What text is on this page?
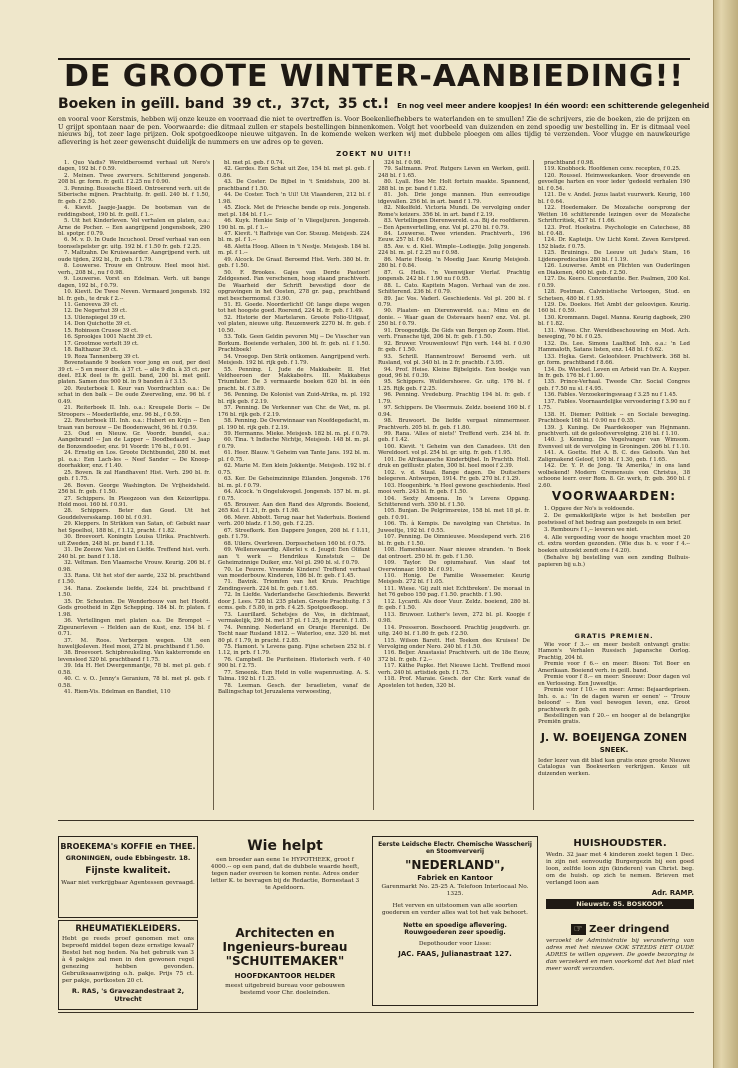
DE GROOTE WINTER-AANBIEDING!!
Boeken in geïll. band 39 ct., 37ct, 35 ct.! En nog veel meer andere koopjes! In één woord: een schitterende gelegenheid
en vooral voor Kerstmis, hebben wij onze keuze en voorraad die niet te overtreffen is. Voor Boekenliefhebbers te waterlanden en te smullen! Zie de schrijvers, zie de boeken, zie de prijzen en U grijpt spontaan naar de pen. Voorwaarde: die ditmaal zullen er stapels bestellingen binnenkomen. Volgt het voorbeeld van duizenden en zend spoedig uw bestelling in. Er is ditmaal veel nieuws bij, tot zeer lage prijzen. Ook spotgoedkoope nieuwe uitgaven. In de komende weken werken wij met dubbele ploegen om alles tijdig te verzenden. Voor vlugge en nauwkeurige aflevering is het zeer gewenscht duidelijk de nummers en uw adres op te geven.
ZOEKT NU UIT!!

1. Quo Vadis? Wereldberoemd verhaal uit Nero's dagen, 192 bl. f 0.59.

2. Meinen. Twee zwervers. Schitterend jongensb. 208 bl. gr. form. fr. geill. f 2.25 nu f 0.90.

3. Penning. Bussische Bloed. Ontroerend verh. uit de Siberische mijnen. Prachtuitg. fr. geill. 240 bl. f 1.50, fr. geb. f 2.50.

4. Kievit. Jaapje-Jaapje. De bootsman van de reddingsboot, 190 bl. fr. geill. f 1.--

5. Uit het Kinderleven. Vol verhalen en platen, o.a.: Arne de Pocher. -- Een aangrijpend jongensboek, 290 bl. spotpr. f 0.79.

6. M. v. D. In Oude Incuchool. Droef verhaal van een toonselspelster gr. uitg. 192 bl. f 1.50 fr. geb. f 2.25.

7. Maltzahn. De Kruiswaarder. Aangrijpend verh. uit oude tijden, 292 bl., fr. geb. f 1.79.

8. Louwerse. Trouw en Ontrouw. Heel mooi hist. verh., 208 bl., nu f 0.98.

9. Louwerse. Vorst en Edelman. Verh. uit bange dagen, 192 bl., f 0.79.

10. Kievit. De Twee Neven. Vermaard jongensb. 192 bl. fr. geb., te druk f 2.--

11. Genoveva 39 ct.

12. De Negerhut 39 ct.

13. Uilenspiegel 39 ct.

14. Don Quichotte 39 ct.

15. Robinson Crusoe 39 ct.

16. Sprookjes 1001 Nacht 39 ct.

17. Grootmoe verteIt 39 ct.

18. Balthazar 39 ct.

19. Roza Tannenberg 39 ct.

Bovenstaande 9 boeken voor jong en oud, per deel 39 ct. -- 5 en meer dln. à 37 ct. -- alle 9 dln. à 35 ct. per deel. ELK deel is fr. geill. band, 200 bl. met geill. platen. Samen dus 900 bl. in 9 banden à f 3.15.

20. Reuterboek I. Keur van Voordrachten o.a.: De schat in den balk -- De oude Zwerveling, enz. 96 bl. f 0.49.

21. Reiterboek II. Inh. o.a.: Kreupele Doris -- De Stroopers -- Moederliefde, enz. 96 bl., f 0.59.

22. Reuterboek III. Inh. o.a.: Hubert en Krijn -- Een traan van berouw -- De Boodenwacht, 96 bl. f 0.59.

23. Oud en Nieuw. Gr. Voordr. bundel, o.a.: Aangebrand! -- Jan de Lapper -- Doodbedaard -- Jaap de Bonzendoeder, enz. 91 Voordr. 176 bl., f 0.91.

24. Ernstig en Los. Groote Dichtbundel, 280 bl. met pl. o.a.: Een Lach-les -- Neef Sander -- De Knoop-doorhakker, enz. f 1.40.

25. Boven. Ik zal Handhaven! Hist. Verh. 290 bl. fr. geb. f 1.75.

26. Boven. George Washington. De Vrijheidsheld. 256 bl. fr. geb. f 1.50.

27. Schippers. In Pleegzoon van den Keizerlippa. Hold mooi. 160 bl. f 0.91.

28. Schippers. Beter dan Goud. Uit het Gouddelversskamp. 160 bl. f 0.91.

29. Kleppers. In Strikken van Satan, of: Gebukt naar het Spoelhol, 188 bl., f 1.12, pracht. f 1.82.

30. Breevoort. Koningin Louisa Ulrika. Prachtverh. uit Zweden, 248 bl. pr. band f 1.18.

31. De Zeeuw. Van List en Liefde. Treffend hist. verh. 240 bl. pr. band f 1.18.

32. Veltman. Een Vlaamsche Vrouw. Keurig. 206 bl. f 0.98.

33. Rana. Uit het stof der aarde, 232 bl. prachtband f 1.50.

34. Rana. Zoekende liefde, 224 bl. prachtband f 1.50.

35. Dr. Schouten. De Wonderbouw van het Hoofd. Gods grootheid in Zijn Schepping. 184 bl. fr. platen. f 1.98.

36. Vertellingen met platen o.a. De Brompot -- Zigeunerleven -- Helden aan de Kust, enz. 154 bl. f 0.71.

37. M. Roos. Verborgen wegen. Uit een huwelijksleven. Heel mooi, 272 bl. prachtband f 1.50.

38. Breevoort. Schipbreukeling. Van kakterromde en levensleed 320 bl. prachtband f 1.75.

39. Ida H. Het Dwergenmantje, 78 bl. met pl. geb. f 0.58.

40. C. v. O.. Jenny's Geranium, 78 bl. met pl. geb. f 0.58.

41. Riem-Vis. Edelman en Bandiet, 110

bl. met pl. geb. f 0.74.

42. Gerdes. Een Schat uit Zee, 154 bl. met pl. geb. f 0.86.

43. De Coster. De Bijbel in 't Smidshuis, 200 bl. prachtband f 1.50.

44. De Coster. Toch 'n Uil! Uit Vlaanderen, 212 bl. f 1.98.

45. Zlock. Met de Friesche bende op reis. Jongensb. met pl. 184 bl. f 1.--

46. Kuyk. Henkie Snip of 'n Vliegeljuren. Jongensb. 190 bl. m. pl. f 1.--

47. Kievit. 't Raflvisje van Cor. Stsuug. Meisjesb. 224 bl. m. pl. f 1.--

48. Aletta Hoog. Alleen in 't Nestje. Meisjesb. 184 bl. m. pl. f 1.--

49. Alcock. De Graaf. Beroemd Hist. Verh. 380 bl. fr. geb. f 1.50.

50. F. Brookes. Gajes van Derde Pastoor! Zeldgesned. Fan verschenen, hoog staand prachtverh. De Waarheid der Schrift bevestigd door de opgravingen in het Oosten, 278 gr. pag., prachtband met beschermomsl. f 3.90.

51. El. Goede. Noorderlicht! Of: lange diepe wegen tot het hoogste goed. Roerend, 224 bl. fr. geb. f 1.49.

52. Historie der Martelaren. Groote Folio-Uitgaaf, vol platen, nieuwe uitg. Reuzenwerk 2270 bl. fr. geb. f 10.50.

53. Tolk. Geen Geldin pevoren Mij -- De Visscher van Borkum. Boeiende verhalen, 300 bl. fr. geb. nl. f 1.50. Prachtboek!

54. Vroegop. Den Strik ontkomen. Aangrijpend verh. Meisjesb. 192 bl. rijk geb. f 1.79.

55. Penning. I. Jude de Makkabeër. II. Het Veldheeroen der Makkabeërs. III. Makkabeus Triumfator. De 3 vermaarde boeken 620 bl. in één pracht. bl. f 3.89.

56. Penning. De Kolonist van Zuid-Afrika, m. pl. 192 bl. rijk geb. f 2.19.

57. Penning. De Verkenner van Chr. de Wet, m. pl. 176 bl. rijk geb. f 2.19.

58. Penning. De Overwinnaar van Noofdegedacht, m. pl. 190 bl. rijk geb. f 2.19.

59. Hermanns. Mieke. Meisjesb. 182 bl. m. pl. f 0.79.

60. Tina. 't Indische Nichtje, Meisjesb. 148 bl. m. pl. f 0.79.

61. Heer. Blauw. 't Geheim van Tante Jans. 192 bl. m. pl. f 0.75.

62. Marie M. Een klein Jokkentje. Meisjesb. 192 bl. f 0.75.

63. Ker. De Geheimzinnige Eilanden. Jongensb. 176 bl. m. pl. f 0.79.

64. Alcock. 'n Ongelukvogel. Jongensb. 157 bl. m. pl. f 0.75.

65. Brouwer. Aan den Rand des Afgronds. Boeiend, 265 Kol. f 1.21, fr. geb. f 1.98.

66. Mevr. Abbott. Terug naar het Vaderhuis. Boeiend verh. 200 bladz. f 1.50, geb. f 2.25.

67. Streefkerk. Een Dappere Jongen, 208 bl. f 1.11, geb. f 1.79.

68. Uilers. Overleven. Dorpsschetsen 160 bl. f 0.75.

69. Wellenswaardig. Allerlei v. d. Jeugd: Een Olifant aan 't werk -- Hendrikus Kunststuk -- De Geheimzinnige Duiker, enz. Vol pl. 290 bl. sl. f 0.79.

70. Le Feuvre. Vreemde Kinders! Treffend verhaal van moederbouw. Kinderen, 186 bl. fr. geb. f 1.45.

71. Bavink. Triomfen van het Kruis. Prachtige Zendingsverh. 224 bl. fr. geb. f 1.65.

72. In Liefde. Vaderlandsche Geschiedenis. Bewerkt door J. Lees. 728 bl. 235 platen. Groote Prachtuitg. f 3 ecms. geb. f 5.80, in prb. f 4.25. Spotgoedkoop.

73. Laurillard. Schetsjes de Vos, in dichtmaat, vermakelijk, 290 bl. met 37 pl. f 1.25, in pracht. f 1.85.

74. Penning. Nederland en Oranje Herenigd. De Tocht naar Rusland 1812. -- Waterloo, enz. 320 bl. met 80 pl. f 1.79, in pracht. f 2.85.

75. Hamont. 's Levens gang. Fijne schetsen 252 bl. f 1.12, in prb. f 1.79.

76. Campbell. De Puriteinen. Historisch verh. f 40 900 bl. f 2.75.

77. Smeenk. Een Held in volle wapenrusting. A. S. Talma. 192 bl. f 1.25.

78. Leeman. Gesch. der Israelieten, vanaf de Ballingschap tot Jeruzalems verwoesting,

324 bl. f 0.98.

79. Saltmann. Prof. Rutgers Leven en Werken, geill. 248 bl. f 1.65.

80. Lyall. Hoe Mr. Holt fortuin maakte. Spannend, 288 bl. in pr. band f 1.82.

81. Joh. Drie jonge mannen. Hun eenvoudige idgevallen. 256 bl. in art. band f 1.79.

82. Nikelfeld. Victoria Mundi. De vervolging onder Rome's keizers. 356 bl. in art. band f 2.19.

83. Vertellingen Dierenwereld. o.a. Bij de roofdieren. -- Een Apenvertelling, enz. Vol pl. 270 bl. f 0.79.

84. Louwerse. Twee vrienden. Prachtverh., 196 Eeuw. 257 bl. f 0.84.

85. Aw. v. d. Kiel. Wimple--Lodiegije. Jolig jongensb. 224 bl. m. pl. f 2.25 nu f 0.98.

86. Marie Hooig. 'n Moedig Jaar. Keurig Meisjesb. 280 bl. f 0.84.

87. G. Heils. 'n Veenwijker Vierlaf. Prachtig jongensb. 242 bl. f 1.90 nu f 0.95.

88. L. Cato. Kapitein Magon. Verhaal van de zee. Schitterend. 236 bl. f 0.79.

89. Jac Vos. Vaderl. Geschiedenis. Vol pl. 200 bl. f 0.79.

90. Plaaten- en Dierenwereld. o.a.: Minu en de donie. -- Waar gaan de Ostevaars heen? enz. Vol. pl. 250 bl. f 0.79.

91. Droogendijk. De Gids van Bergen op Zoom. Hist. verh. Fransche tijd, 206 bl. fr. geb. f 1.50.

92. Bruwer. Vrouwenlouw! Fijn verh. 144 bl. f 0.90 fr. geb. f 1.50.

93. Schrill. Hannentrouw! Beroemd verh. uit Rusland, vol pl. 340 bl. in 2 fr. prachtb. f 3.95.

94. Prof. Heise. Kleine Bijbelgids. Een boekje van goud, 96 bl. f 0.39.

95. Schippers. Wuildershoeve. Gr. uitg. 176 bl. f 1.25. Rijk geb. f 2.25.

96. Penning. Vredeburg. Prachtig 194 bl. fr. geb. f 1.79.

97. Schippers. De Vleermuis. Zeldz. boeiend 160 bl. f 0.94.

98. Bruwoort. De liefde vergaat nimmermeer. Prachtverh. 205 bl. fr. geb. f 1.80.

99. Rana. 'Alles of niets!' Treffend verh. 234 bl. fr. geb. f 1.42.

100. Kievit. 't Geheim van den Canadees. Uit den Wereldoorl. vol pl. 254 bl. gr. uitg. fr. geb. f 1.95.

101. De Afrikaansche Kinderbijbel. In Prachtb. Holl. druk en geïllustr. platen, 300 bl. heel mooi f 2.39.

102. v. d. Staal. Bange dagen. De Duitschers belegeren. Antwerpen, 1914. Fr. geb. 270 bl. f 1.29.

103. Hoogenbirk. 'n Heel gewone geschiedenis. Heel mooi verh. 243 bl. fr. geb. f 1.50.

104. Sexty Amoena. In 's Levens Opgang. Schitterend verh. 350 bl. f 1.50.

105. Bunjan. De Pelgrimsreize, 158 bl. met 18 pl. fr. geb. f 0.91.

106. Th. à Kempis. De navolging van Christus. In Juweeltje, 192 bl. f 0.55.

107. Penning. De Oimnieuwe. Meeslepend verh. 216 bl. fr. geb. f 1.50.

108. Hamenhauer. Naar nieuwe stranden. 'n Boek dat ontroert. 250 bl. fr. geb. f 1.50.

109. Taylor. De opiumshauf. Van slaaf tot Overwinnaar. 160 bl. f 0.91.

110. Honig. De Familie Wessemeier. Keurig Meisjesb. 272 bl. f 1.05.

111. Wiese. 'Gij zult niet Echtbreken'. De moraal in het 76 geboo 150 pag. f 1.50. prachtb. f 1.90.

112. Lycardi. Als door Vuur. Zeldz. boeiend, 280 bl. fr. geb. f 1.50.

113. Bruwoer. Luther's leven, 272 bl. pl. Koopje f 0.98.

114. Presseron. Boschoord. Prachtig jeugdverh. gr. uitg. 240 bl. f 1.80 fr. geb. f 2.50.

115. Wilson Barett. Het Teeken des Kruises! De Vervolging onder Nero. 240 bl. f 1.50.

116. Beljer. Anastasia! Prachtverh. uit de 18e Eeuw, 372 bl. fr. geb. f 2.--

117. Käthe Papke. Het Nieuwe Licht. Treffend mooi verh. 240 bl. artistiek geb. f 1.75.

118. Prof. Maraie. Gesch. der Chr. Kerk vanaf de Apostelen tot heden, 320 bl.

prachtband f 0.98.

119. Knobhock. Hoofdenen cenv. recepten, f 0.25.

120. Roussel. Heimweekanken. Voor droevende en gevoelige harten en voor ieder 'gedeeld verhalen 190 bl. f 0.54.

121. De v. Andel. Jezus laatst vuurwerk. Keurig, 160 bl. f 0.64.

122. Hoedemaker. De Mozaïsche oorsprong der Wetten 16 schitterende lezingen over de Mozaïsche Schriftcritiek, 437 bl. f 1.66.

123. Prof. Hoekstra. Psychologie en Catechese, 88 bl. f 0.48.

124. Dr. Kapteijn. Uw Licht Komt. Zeven Kerstpred. 152 bladz. f 0.75.

125. Bruinings. De Leeuw uit Juda's Stam, 16 Lijdenspredicaties 280 bl. f 1.19.

126. Louwerse. Ambt en Plichten van Ouderlingen en Diakenen, 400 bl. geb. f 2.50.

127. Ds. Keers. Concordantie. Ber. Psalmen, 200 Kol. f 0.59.

128. Postman. Calvinistische Vertoogen, Stud. en Schetsen, 480 bl. f 1.95.

129. Ds. Doekes. Het Ambt der geloovigen. Keurig. 160 bl. f 0.59.

130. Krommann. Dagel. Manna. Keurig dagboek, 290 bl. f 1.82.

131. Wiese. Chr. Wereldbeschouwing en Mod. Ach. beweging, 70 bl. f 0.25.

132. Ds. Lee. Simons Laalthof. Inh. o.a.: 'n Led Hammaloth, Satans listen, enz. 148 bl. f 0.62.

133. Hojka. Gerst. Geloofsleer. Prachtwerk. 368 bl. gr. form. prachtband f 8.66.

134. Ds. Wieckel. Leven en Arbeid van Dr. A. Kuyper. In fr. geb. 176 bl. f 1.60.

135. Prince-Verhaal. Tweede Chr. Social Congres geb. f 7.50 nu sl. f 4.95.

136. Fables. Verzoekeringswaag f 3.25 nu f 1.45.

137. Fables. Voornaardelijke vervoedering f 3.90 nu f 1.75.

138. H. Diemer. Politiek -- en Sociale beweging. Prachtboek 168 bl. f 0.90 nu f 0.35.

139. J. Kuning. De Paardekooper van Hejnmann. prachtverh. uit de geloofsvervolging. 216 bl. f 1.10.

140. J. Kenning. De Vogelvanger van Wimsom. Evenveel uit de vervolging in Groningen. 206 bl. f 1.10.

141. A. Goette. Het A. B. C. des Geloofs. Van het Zaligmakend Geloof, 190 bl. f 1.30, geb. f 1.65.

142. Dr. Y. P. de Jong. 'Ik Amerika,' in ons land wolbekend! Modern Cremensuis von Christus, 38 schoone leerr. over Rom. 8. Gr. werk, fr. geb. 360 bl. f 2.60.

VOORWAARDEN:

1. Opgave der No's is voldoende.

2. De gemakkelijkste wijze is het bestellen per postwissel of het bedrag aan postzegels in een brief.

3. Rembours f 1,-- leveren we niet.

4. Alle vergoeding voor de hooge vrachten moet 20 ct. extra worden gezonden. (Wie dus b. v. voor f 4.-- boeken uitzoekt zendt ons f 4.20).

(Behalve bij bestelling van een zending Bulhuis-papieren bij u.b.)

GRATIS PREMIEN.

Wie voor f 3.-- en meer bestelt ontvangt gratis: Hamon's Verhalen Russisch Japansche Oorlog. Prachtig, 204 bl.

Premie voor f 6.-- en meer: Bison: Tot Boer en Amerikaan. Boeiend verh. in geill. band.

Premie voor f 8.-- en meer: Sneeuw: Door dagen vol en Verlossing. Een Juweeltje.

Premie voor f 10.-- en meer: Arme: Bejaardeprisen. Inh. o. a.: 'In de dagen waren er eenen' -- 'Trouw beloond' -- Een veel bewogen leven, enz. Groot prachtwerk fr. geb.

Bestellingen van f 20.-- en hooger al de belangrijke Premiën gratis.

J. W. BOEIJENGA ZONEN
SNEEK.
Ieder lezer van dit blad kan gratis onze groote Nieuwe Catalogus van Boekwerken verkrijgen. Keuze uit duizenden werken.
BROEKEMA's KOFFIE en THEE.
GRONINGEN, oude Ebbingestr. 18.
Fijnste kwaliteit.
Waar niet verkrijgbaar Agentessen gevraagd.
RHEUMATIEKLEIDERS.
Hebt ge reeds proef genomen met ons beproefd middel tegen deze ernstige kwaal? Bestel het nog heden. Na het gebruik van 3 à 4 pakjes zal men in den gewonen regel genezing hebben gevonden. Gebruiksaanwijzing o.h. pakje. Prijs 75 ct. per pakje, portkosten 20 ct.
R. RAS, 's Gravezandestraat 2, Utrecht
Wie helpt
een broeder aan eene 1e HYPOTHEEK, groot f 4000.-- op een pand, dat de dubbele waarde heeft, tegen nader overeen te komen rente. Adres onder letter K. te bevragen bij de Redactie, Bornestaat 3 te Apeldoorn.
Architecten en Ingenieurs-bureau "SCHUITEMAKER"
HOOFDKANTOOR HELDER
meest uitgebreid bureau voor gebouwen bestemd voor Chr. doeleinden.
Eerste Leidsche Electr. Chemische Wasscherij en Stoomververij
"NEDERLAND",
Fabriek en Kantoor
Garenmarkt No. 25-25 A. Telefoon Interlocaal No. 1325.
Het verven en uitstoomen van alle soorten goederen en verder alles wat tot het vak behoort.
Nette en spoedige aflevering. Rouwgoederen zeer spoedig.
Depothouder voor Lisse:
JAC. FAAS, Julianastraat 127.
HUISHOUDSTER.
Wedn. 32 jaar met 4 kinderen zoekt tegen 1 Dec. in zijn net eenvoudig Burgergezin bij een goed loon, zelfde loon zijn (kinderen) van Christ. beg. om de huish. op zich te nemen. Brieven met verlangd loon aan
Adr. RAMP.
Nieuwstr. 85. BOSKOOP.
☞ Zeer dringend
verzoekt de Administratie bij verandering van adres met het nieuwe OOK STEEDS HET OUDE ADRES te willen opgeven. De goede bezorging is dan verzekerd en men voorkomt dat het blad niet meer wordt verzonden.
